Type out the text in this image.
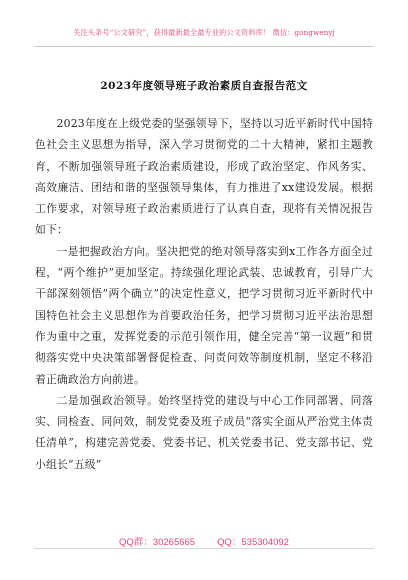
关注头条号“公文研究”，获得最新最全最专业的公文资料库！ 微信：gongwenyj
2023年度领导班子政治素质自查报告范文

2023年度在上级党委的坚强领导下，坚持以习近平新时代中国特色社会主义思想为指导，深入学习贯彻党的二十大精神，紧扣主题教育，不断加强领导班子政治素质建设，形成了政治坚定、作风务实、高效廉洁、团结和谐的坚强领导集体，有力推进了xx建设发展。根据工作要求，对领导班子政治素质进行了认真自查，现将有关情况报告如下：

一是把握政治方向。坚决把党的绝对领导落实到x工作各方面全过程，“两个维护”更加坚定。持续强化理论武装、忠诚教育，引导广大干部深刻领悟“两个确立”的决定性意义，把学习贯彻习近平新时代中国特色社会主义思想作为首要政治任务，把学习贯彻习近平法治思想作为重中之重，发挥党委的示范引领作用，健全完善“第一议题”和贯彻落实党中央决策部署督促检查、问责问效等制度机制，坚定不移沿着正确政治方向前进。

二是加强政治领导。始终坚持党的建设与中心工作同部署、同落实、同检查、同问效，制发党委及班子成员“落实全面从严治党主体责任清单”，构建完善党委、党委书记、机关党委书记、党支部书记、党小组长“五级”

QQ群：30265665 QQ：535304092
